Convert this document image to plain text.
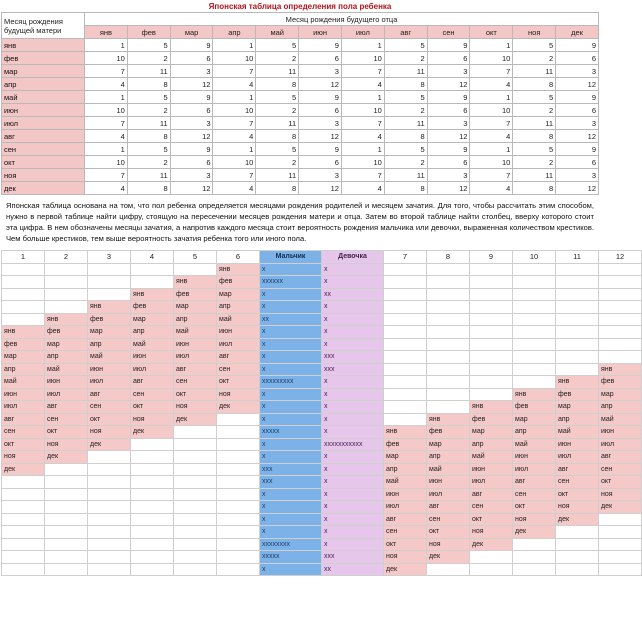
Японская таблица определения пола ребенка
Месяц рождения
будущей матери	Месяц рождения будущего отца											
	янв	фев	мар	апр	май	июн	июл	авг	сен	окт	ноя	дек
янв	1	5	9	1	5	9	1	5	9	1	5	9
фев	10	2	6	10	2	6	10	2	6	10	2	6
мар	7	11	3	7	11	3	7	11	3	7	11	3
апр	4	8	12	4	8	12	4	8	12	4	8	12
май	1	5	9	1	5	9	1	5	9	1	5	9
июн	10	2	6	10	2	6	10	2	6	10	2	6
июл	7	11	3	7	11	3	7	11	3	7	11	3
авг	4	8	12	4	8	12	4	8	12	4	8	12
сен	1	5	9	1	5	9	1	5	9	1	5	9
окт	10	2	6	10	2	6	10	2	6	10	2	6
ноя	7	11	3	7	11	3	7	11	3	7	11	3
дек	4	8	12	4	8	12	4	8	12	4	8	12
Японская таблица основана на том, что пол ребенка определяется месяцами рождения родителей и месяцем зачатия. Для того, чтобы рассчитать этим способом, нужно в первой таблице найти цифру, стоящую на пересечении месяцев рождения матери и отца. Затем во второй таблице найти столбец, вверху которого стоит эта цифра. В нем обозначены месяцы зачатия, а напротив каждого месяца стоит вероятность рождения мальчика или девочки, выраженная количеством крестиков. Чем больше крестиков, тем выше вероятность зачатия ребенка того или иного пола.
1	2	3	4	5	6	Мальчик	Девочка	7	8	9	10	11	12
					янв	x	x						
				янв	фев	xxxxxx	x						
			янв	фев	мар	x	xx						
		янв	фев	мар	апр	x	x						
	янв	фев	мар	апр	май	xx	x						
янв	фев	мар	апр	май	июн	x	x						
фев	мар	апр	май	июн	июл	x	x						
мар	апр	май	июн	июл	авг	x	xxx						
апр	май	июн	июл	авг	сен	x	xxx						янв
май	июн	июл	авг	сен	окт	xxxxxxxxx	x					янв	фев
июн	июл	авг	сен	окт	ноя	x	x				янв	фев	мар
июл	авг	сен	окт	ноя	дек	x	x			янв	фев	мар	апр
авг	сен	окт	ноя	дек		x	x		янв	фев	мар	апр	май
сен	окт	ноя	дек			xxxxx	x	янв	фев	мар	апр	май	июн
окт	ноя	дек				x	xxxxxxxxxxx	фев	мар	апр	май	июн	июл
ноя	дек					x	x	мар	апр	май	июн	июл	авг
дек						xxx	x	апр	май	июн	июл	авг	сен
						xxx	x	май	июн	июл	авг	сен	окт
						x	x	июн	июл	авг	сен	окт	ноя
						x	x	июл	авг	сен	окт	ноя	дек
						x	x	авг	сен	окт	ноя	дек	
						x	x	сен	окт	ноя	дек		
						xxxxxxxx	x	окт	ноя	дек			
						xxxxx	xxx	ноя	дек				
						x	xx	дек					
